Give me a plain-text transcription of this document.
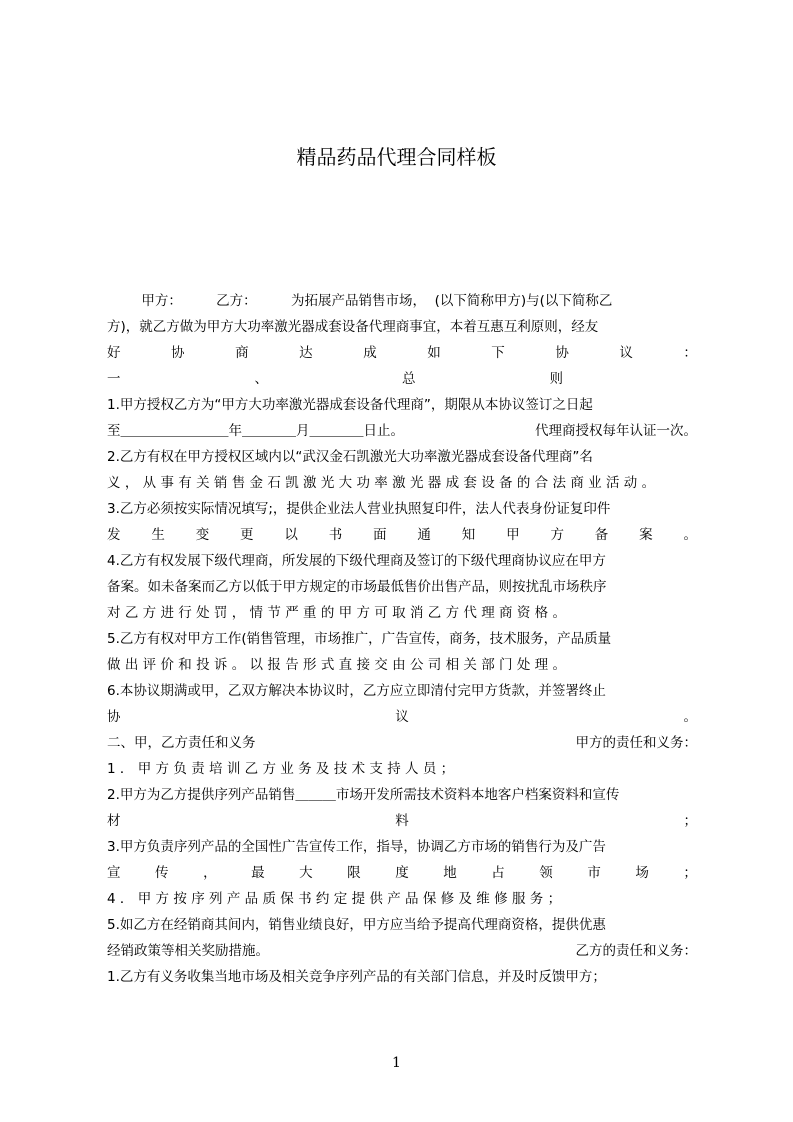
精品药品代理合同样板
甲方：        乙方：        为拓展产品销售市场，  (以下简称甲方)与(以下简称乙
方)，就乙方做为甲方大功率激光器成套设备代理商事宜，本着互惠互利原则，经友
好	协	商	达	成	如	下	协	议	：
一	、	总	则
1.甲方授权乙方为“甲方大功率激光器成套设备代理商”，期限从本协议签订之日起
至＿＿＿＿＿＿＿＿年＿＿＿＿月＿＿＿＿日止。	代理商授权每年认证一次。
2.乙方有权在甲方授权区域内以“武汉金石凯激光大功率激光器成套设备代理商”名
义，从事有关销售金石凯激光大功率激光器成套设备的合法商业活动。
3.乙方必须按实际情况填写;，提供企业法人营业执照复印件，法人代表身份证复印件
发 生 变 更 以 书 面 通 知 甲 方 备 案 。
4.乙方有权发展下级代理商，所发展的下级代理商及签订的下级代理商协议应在甲方
备案。如未备案而乙方以低于甲方规定的市场最低售价出售产品，则按扰乱市场秩序
对乙方进行处罚，情节严重的甲方可取消乙方代理商资格。
5.乙方有权对甲方工作(销售管理，市场推广，广告宣传，商务，技术服务，产品质量
做出评价和投诉。以报告形式直接交由公司相关部门处理。
6.本协议期满或甲，乙双方解决本协议时，乙方应立即清付完甲方货款，并签署终止
协	议	。
二、甲，乙方责任和义务	甲方的责任和义务：
1．甲方负责培训乙方业务及技术支持人员；
2.甲方为乙方提供序列产品销售＿＿＿市场开发所需技术资料本地客户档案资料和宣传
材	料	；
3.甲方负责序列产品的全国性广告宣传工作，指导，协调乙方市场的销售行为及广告
宣	传	，	最	大	限	度	地	占	领	市	场	；
4．甲方按序列产品质保书约定提供产品保修及维修服务；
5.如乙方在经销商其间内，销售业绩良好，甲方应当给予提高代理商资格，提供优惠
经销政策等相关奖励措施。	乙方的责任和义务：
1.乙方有义务收集当地市场及相关竞争序列产品的有关部门信息，并及时反馈甲方；
1
